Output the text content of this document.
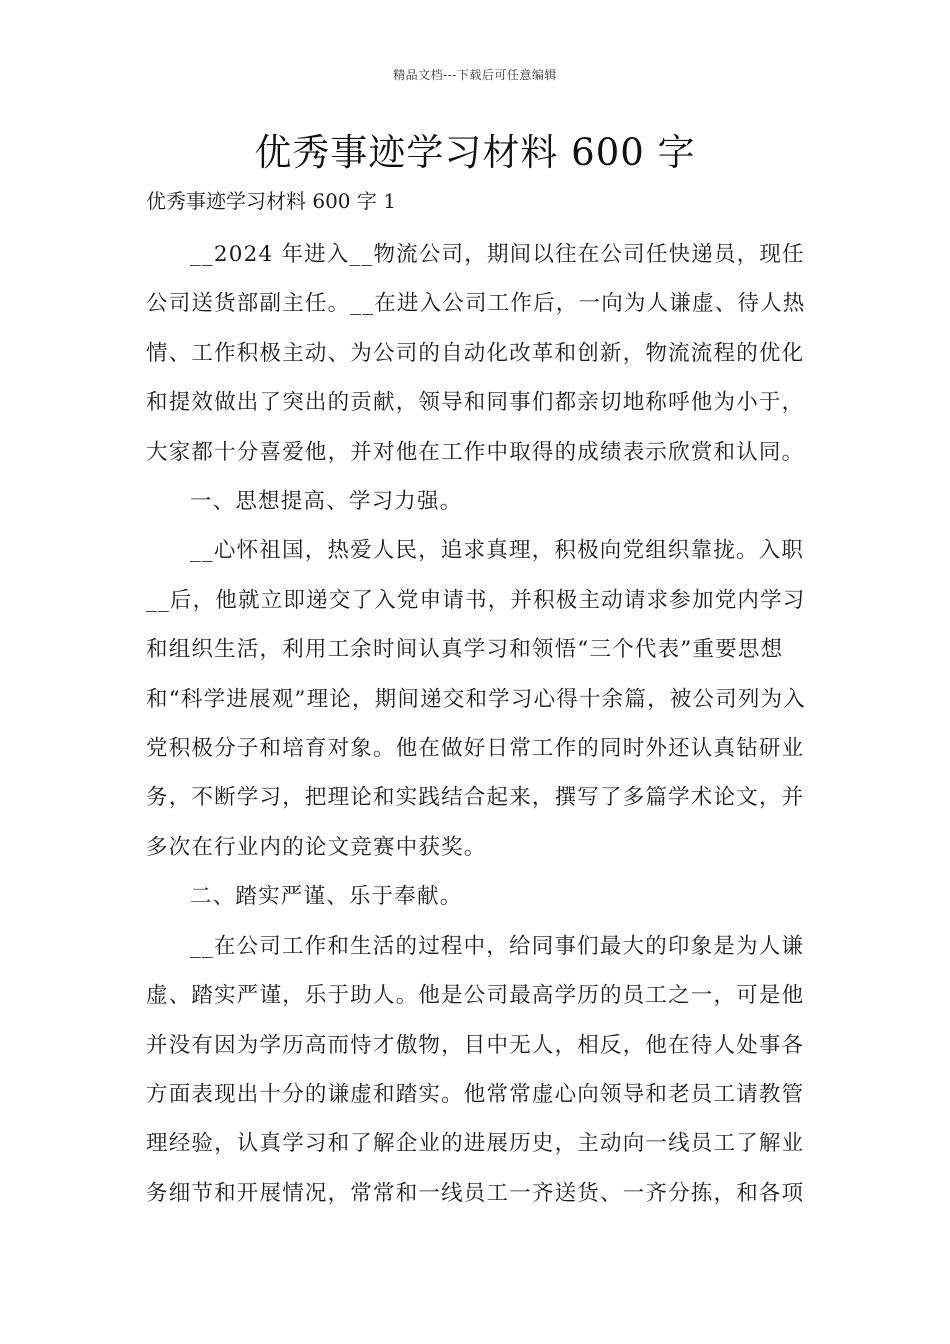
精品文档---下载后可任意编辑
优秀事迹学习材料 600 字
优秀事迹学习材料 600 字 1

__2024 年进入__物流公司，期间以往在公司任快递员，现任公司送货部副主任。__在进入公司工作后，一向为人谦虚、待人热情、工作积极主动、为公司的自动化改革和创新，物流流程的优化和提效做出了突出的贡献，领导和同事们都亲切地称呼他为小于，大家都十分喜爱他，并对他在工作中取得的成绩表示欣赏和认同。

一、思想提高、学习力强。

__心怀祖国，热爱人民，追求真理，积极向党组织靠拢。入职__后，他就立即递交了入党申请书，并积极主动请求参加党内学习和组织生活，利用工余时间认真学习和领悟“三个代表”重要思想和“科学进展观”理论，期间递交和学习心得十余篇，被公司列为入党积极分子和培育对象。他在做好日常工作的同时外还认真钻研业务，不断学习，把理论和实践结合起来，撰写了多篇学术论文，并多次在行业内的论文竞赛中获奖。

二、踏实严谨、乐于奉献。

__在公司工作和生活的过程中，给同事们最大的印象是为人谦虚、踏实严谨，乐于助人。他是公司最高学历的员工之一，可是他并没有因为学历高而恃才傲物，目中无人，相反，他在待人处事各方面表现出十分的谦虚和踏实。他常常虚心向领导和老员工请教管理经验，认真学习和了解企业的进展历史，主动向一线员工了解业务细节和开展情况，常常和一线员工一齐送货、一齐分拣，和各项
